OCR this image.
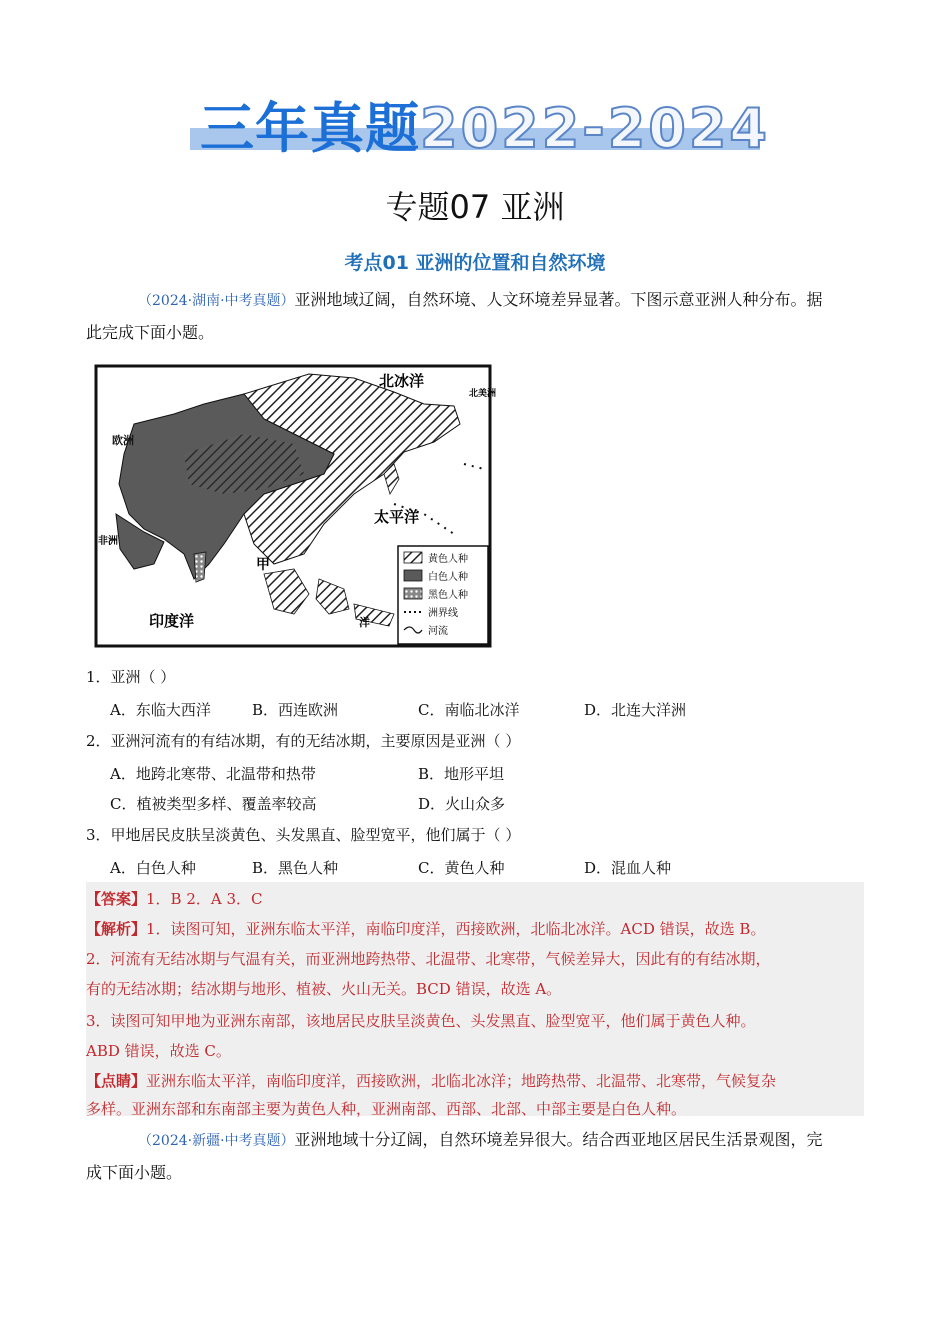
三年真题2022-2024
专题07 亚洲
考点01 亚洲的位置和自然环境
（2024·湖南·中考真题）亚洲地域辽阔，自然环境、人文环境差异显著。下图示意亚洲人种分布。据
此完成下面小题。
北冰洋
欧洲
北美洲
太平洋
印度洋
甲
非洲
洋
黄色人种
白色人种
黑色人种
洲界线
河流
1．亚洲（ ）
A．东临大西洋	B．西连欧洲	C．南临北冰洋	D．北连大洋洲
2．亚洲河流有的有结冰期，有的无结冰期，主要原因是亚洲（ ）
A．地跨北寒带、北温带和热带	B．地形平坦
C．植被类型多样、覆盖率较高	D．火山众多
3．甲地居民皮肤呈淡黄色、头发黑直、脸型宽平，他们属于（ ）
A．白色人种	B．黑色人种	C．黄色人种	D．混血人种
【答案】1．B 2．A 3．C
【解析】1．读图可知，亚洲东临太平洋，南临印度洋，西接欧洲，北临北冰洋。ACD 错误，故选 B。
2．河流有无结冰期与气温有关，而亚洲地跨热带、北温带、北寒带，气候差异大，因此有的有结冰期，
有的无结冰期；结冰期与地形、植被、火山无关。BCD 错误，故选 A。
3．读图可知甲地为亚洲东南部，该地居民皮肤呈淡黄色、头发黑直、脸型宽平，他们属于黄色人种。
ABD 错误，故选 C。
【点睛】亚洲东临太平洋，南临印度洋，西接欧洲，北临北冰洋；地跨热带、北温带、北寒带，气候复杂
多样。亚洲东部和东南部主要为黄色人种，亚洲南部、西部、北部、中部主要是白色人种。
（2024·新疆·中考真题）亚洲地域十分辽阔，自然环境差异很大。结合西亚地区居民生活景观图，完
成下面小题。
